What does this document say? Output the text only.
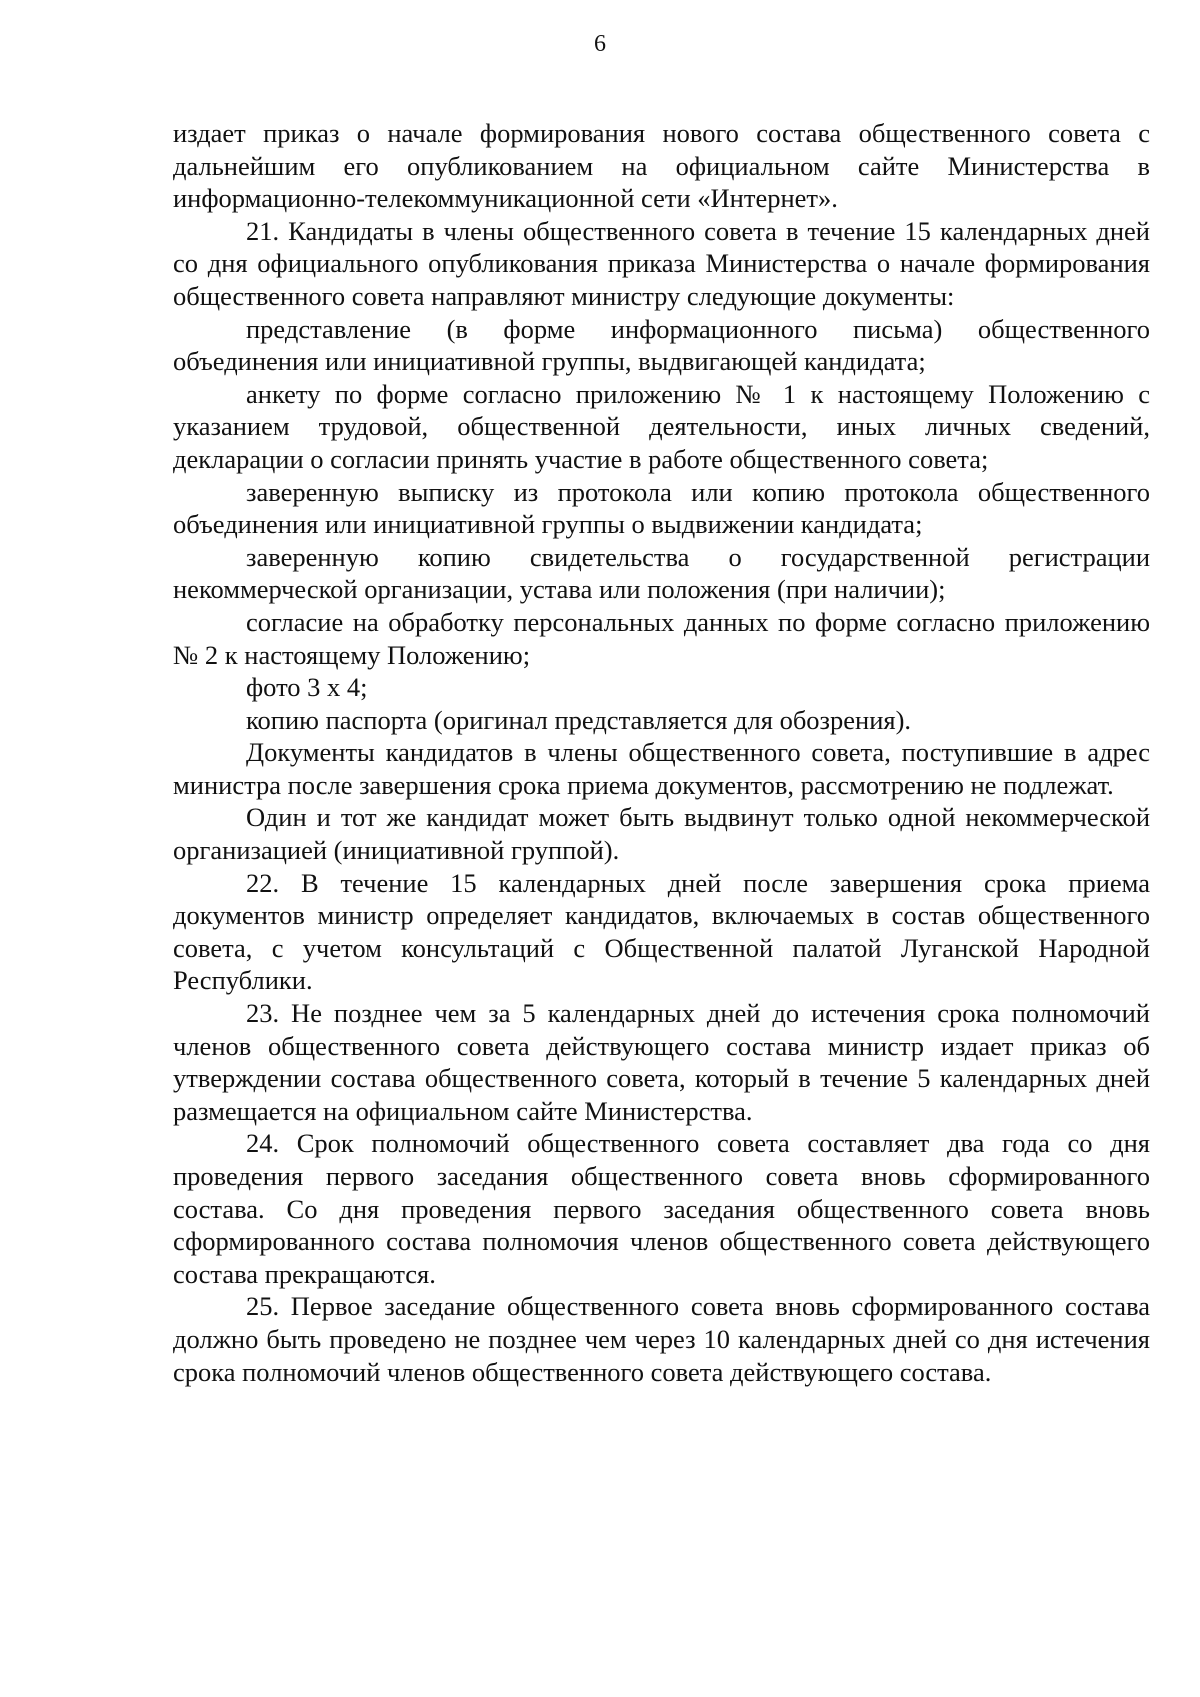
6

издает приказ о начале формирования нового состава общественного совета с дальнейшим его опубликованием на официальном сайте Министерства в информационно-телекоммуникационной сети «Интернет».

21. Кандидаты в члены общественного совета в течение 15 календарных дней со дня официального опубликования приказа Министерства о начале формирования общественного совета направляют министру следующие документы:

представление (в форме информационного письма) общественного объединения или инициативной группы, выдвигающей кандидата;

анкету по форме согласно приложению № 1 к настоящему Положению с указанием трудовой, общественной деятельности, иных личных сведений, декларации о согласии принять участие в работе общественного совета;

заверенную выписку из протокола или копию протокола общественного объединения или инициативной группы о выдвижении кандидата;

заверенную копию свидетельства о государственной регистрации некоммерческой организации, устава или положения (при наличии);

согласие на обработку персональных данных по форме согласно приложению № 2 к настоящему Положению;

фото 3 х 4;

копию паспорта (оригинал представляется для обозрения).

Документы кандидатов в члены общественного совета, поступившие в адрес министра после завершения срока приема документов, рассмотрению не подлежат.

Один и тот же кандидат может быть выдвинут только одной некоммерческой организацией (инициативной группой).

22. В течение 15 календарных дней после завершения срока приема документов министр определяет кандидатов, включаемых в состав общественного совета, с учетом консультаций с Общественной палатой Луганской Народной Республики.

23. Не позднее чем за 5 календарных дней до истечения срока полномочий членов общественного совета действующего состава министр издает приказ об утверждении состава общественного совета, который в течение 5 календарных дней размещается на официальном сайте Министерства.

24. Срок полномочий общественного совета составляет два года со дня проведения первого заседания общественного совета вновь сформированного состава. Со дня проведения первого заседания общественного совета вновь сформированного состава полномочия членов общественного совета действующего состава прекращаются.

25. Первое заседание общественного совета вновь сформированного состава должно быть проведено не позднее чем через 10 календарных дней со дня истечения срока полномочий членов общественного совета действующего состава.
